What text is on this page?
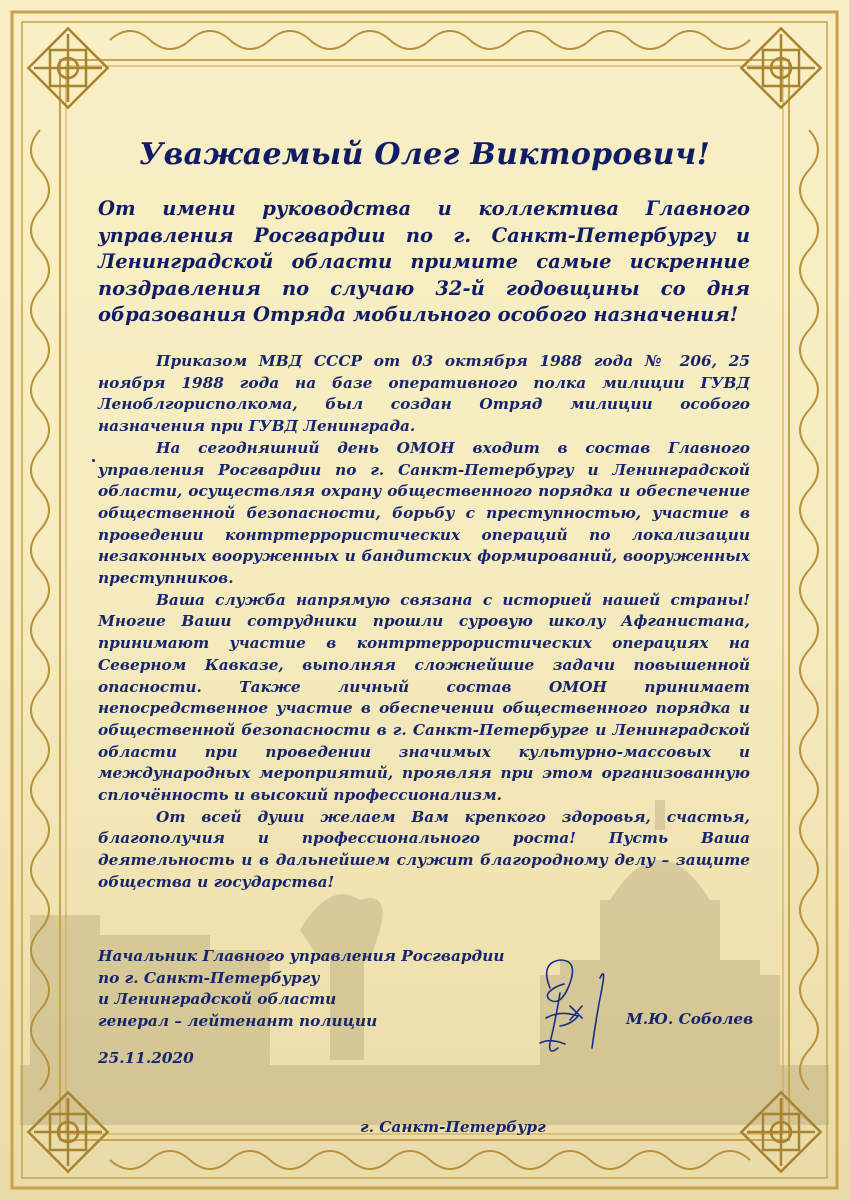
Уважаемый Олег Викторович!

От имени руководства и коллектива Главного управления Росгвардии по г. Санкт-Петербургу и Ленинградской области примите самые искренние поздравления по случаю 32-й годовщины со дня образования Отряда мобильного особого назначения!

Приказом МВД СССР от 03 октября 1988 года № 206, 25 ноября 1988 года на базе оперативного полка милиции ГУВД Леноблгорисполкома, был создан Отряд милиции особого назначения при ГУВД Ленинграда.

На сегодняшний день ОМОН входит в состав Главного управления Росгвардии по г. Санкт-Петербургу и Ленинградской области, осуществляя охрану общественного порядка и обеспечение общественной безопасности, борьбу с преступностью, участие в проведении контртеррористических операций по локализации незаконных вооруженных и бандитских формирований, вооруженных преступников.

Ваша служба напрямую связана с историей нашей страны! Многие Ваши сотрудники прошли суровую школу Афганистана, принимают участие в контртеррористических операциях на Северном Кавказе, выполняя сложнейшие задачи повышенной опасности. Также личный состав ОМОН принимает непосредственное участие в обеспечении общественного порядка и общественной безопасности в г. Санкт-Петербурге и Ленинградской области при проведении значимых культурно-массовых и международных мероприятий, проявляя при этом организованную сплочённость и высокий профессионализм.

От всей души желаем Вам крепкого здоровья, счастья, благополучия и профессионального роста! Пусть Ваша деятельность и в дальнейшем служит благородному делу – защите общества и государства!

Начальник Главного управления Росгвардии
по г. Санкт-Петербургу
и Ленинградской области
генерал – лейтенант полиции	М.Ю. Соболев
25.11.2020
г. Санкт-Петербург
